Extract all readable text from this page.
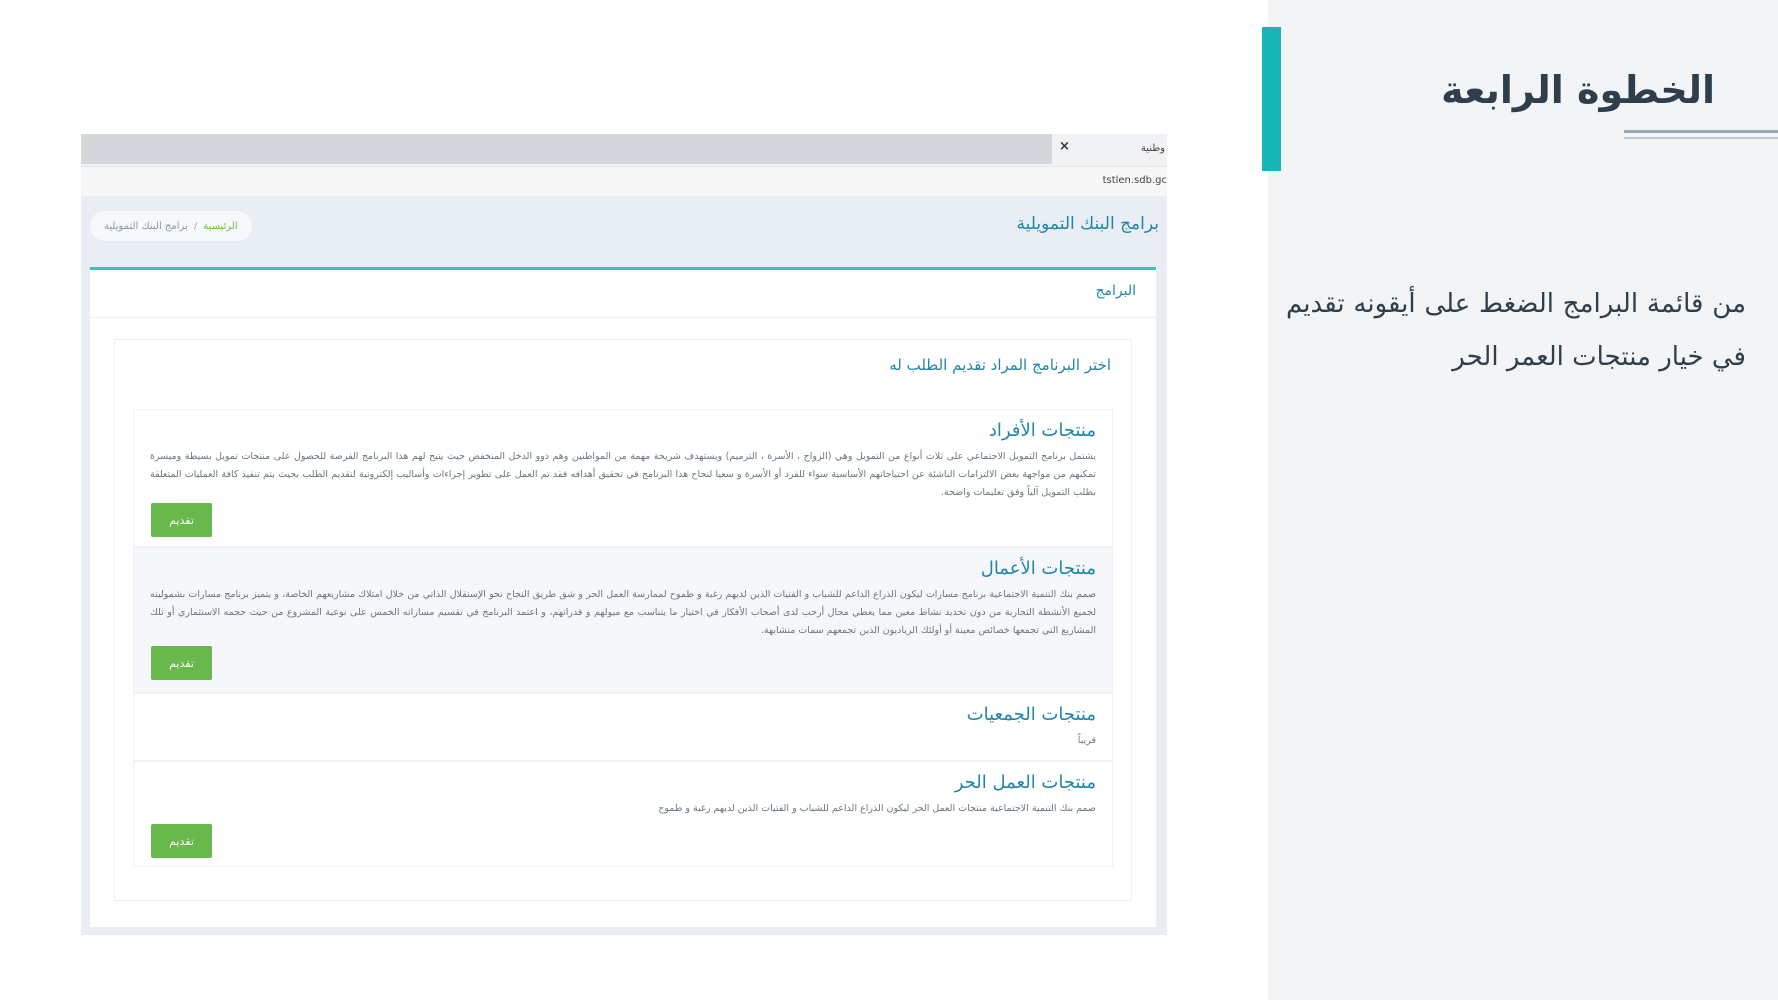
الخطوة الرابعة
من قائمة البرامج الضغط على أيقونه تقديم في خيار منتجات العمر الحر
×	وطنية
tstlen.sdb.gc
برامج البنك التمويلية
الرئيسية
/
برامج البنك التمويلية
البرامج
اختر البرنامج المراد تقديم الطلب له
منتجات الأفراد
يشتمل برنامج التمويل الاجتماعي على ثلاث أنواع من التمويل وهي (الزواج ، الأسرة ، الترميم) ويستهدف شريحة مهمة من المواطنين وهم ذوو الدخل المنخفض حيث يتيح لهم هذا البرنامج الفرصة للحصول على منتجات تمويل بسيطة وميسرة تمكنهم من مواجهة بعض الالتزامات الناشئة عن احتياجاتهم الأساسية سواء للفرد أو الأسرة و سعيا لنجاح هذا البرنامج في تحقيق أهدافه فقد تم العمل على تطوير إجراءات وأساليب إلكترونية لتقديم الطلب بحيث يتم تنفيذ كافة العمليات المتعلقة بطلب التمويل آلياً وفق تعليمات واضحة.
تقديم
منتجات الأعمال
صمم بنك التنمية الاجتماعية برنامج مسارات ليكون الذراع الداعم للشباب و الفتيات الذين لديهم رغبة و طموح لممارسة العمل الحر و شق طريق النجاح نحو الإستقلال الذاتي من خلال امتلاك مشاريعهم الخاصة، و يتميز برنامج مسارات بشموليته لجميع الأنشطة التجارية من دون تحديد نشاط معين مما يعطي مجال أرحب لدى أصحاب الأفكار في اختيار ما يتناسب مع ميولهم و قدراتهم، و اعتمد البرنامج في تقسيم مساراته الخمس على نوعية المشروع من حيث حجمه الاستثماري أو تلك المشاريع التي تجمعها خصائص معينة أو أولئك الرياديون الذين تجمعهم سمات متشابهة.
تقديم
منتجات الجمعيات
قريباً
منتجات العمل الحر
صمم بنك التنمية الاجتماعية منتجات العمل الحر ليكون الذراع الداعم للشباب و الفتيات الذين لديهم رغبة و طموح
تقديم
